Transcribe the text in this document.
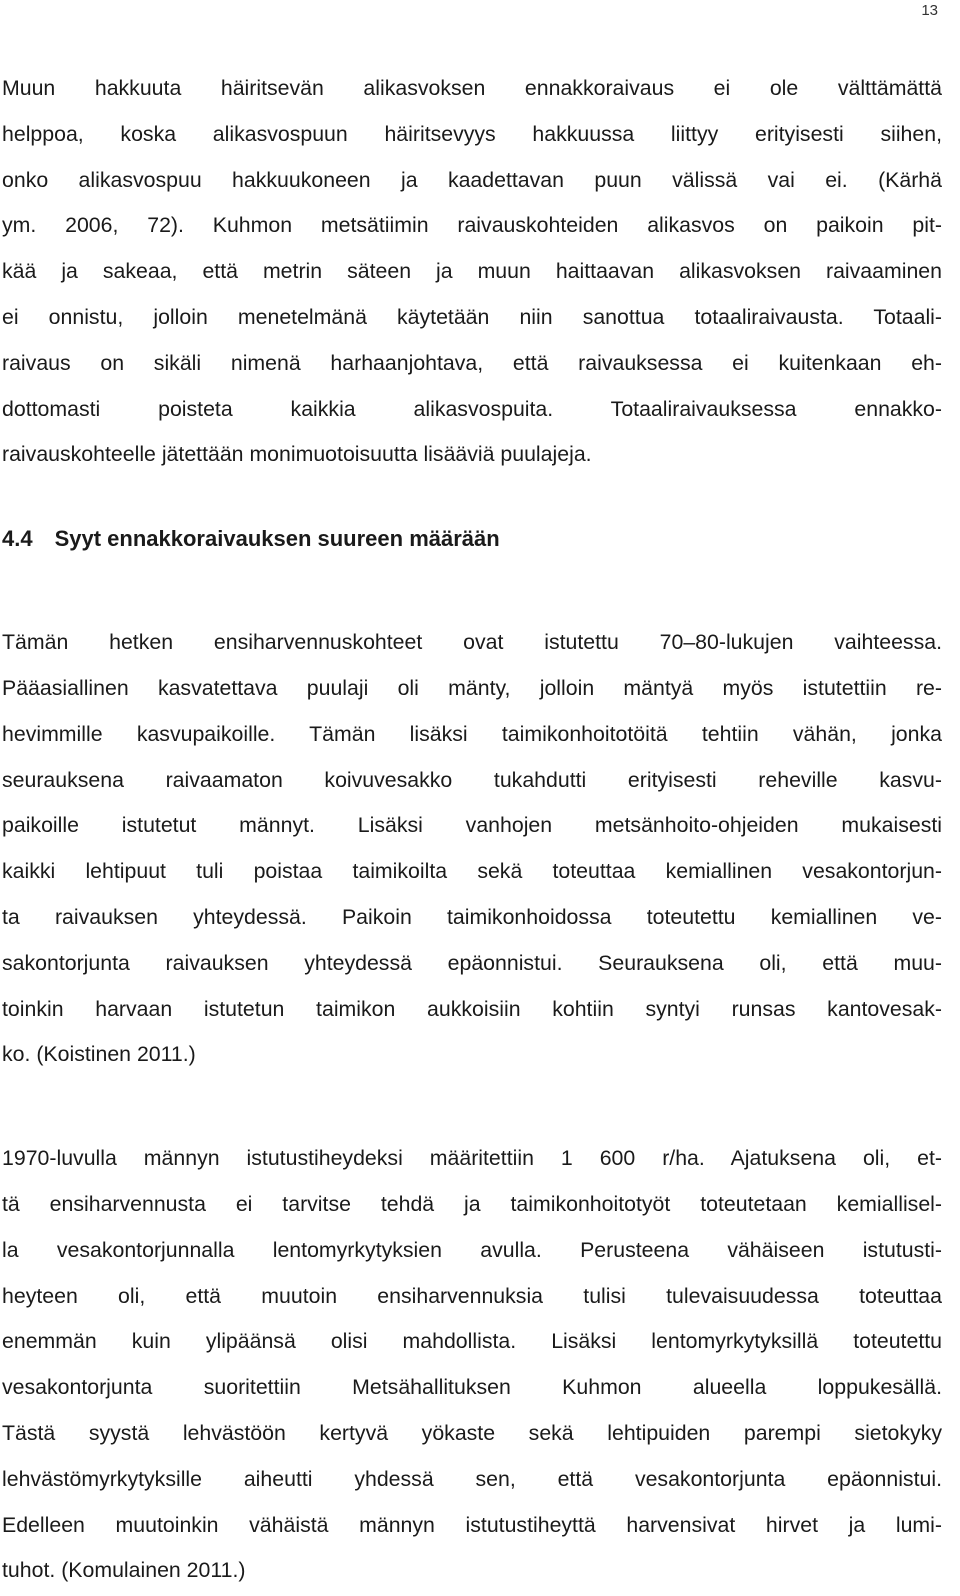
13

Muun hakkuuta häiritsevän alikasvoksen ennakkoraivaus ei ole välttämättä
helppoa, koska alikasvospuun häiritsevyys hakkuussa liittyy erityisesti siihen,
onko alikasvospuu hakkuukoneen ja kaadettavan puun välissä vai ei. (Kärhä
ym. 2006, 72). Kuhmon metsätiimin raivauskohteiden alikasvos on paikoin pit-
kää ja sakeaa, että metrin säteen ja muun haittaavan alikasvoksen raivaaminen
ei onnistu, jolloin menetelmänä käytetään niin sanottua totaaliraivausta. Totaali-
raivaus on sikäli nimenä harhaanjohtava, että raivauksessa ei kuitenkaan eh-
dottomasti poisteta kaikkia alikasvospuita. Totaaliraivauksessa ennakko-
raivauskohteelle jätettään monimuotoisuutta lisääviä puulajeja.

4.4 Syyt ennakkoraivauksen suureen määrään

Tämän hetken ensiharvennuskohteet ovat istutettu 70–80-lukujen vaihteessa.
Pääasiallinen kasvatettava puulaji oli mänty, jolloin mäntyä myös istutettiin re-
hevimmille kasvupaikoille. Tämän lisäksi taimikonhoitotöitä tehtiin vähän, jonka
seurauksena raivaamaton koivuvesakko tukahdutti erityisesti reheville kasvu-
paikoille istutetut männyt. Lisäksi vanhojen metsänhoito-ohjeiden mukaisesti
kaikki lehtipuut tuli poistaa taimikoilta sekä toteuttaa kemiallinen vesakontorjun-
ta raivauksen yhteydessä. Paikoin taimikonhoidossa toteutettu kemiallinen ve-
sakontorjunta raivauksen yhteydessä epäonnistui. Seurauksena oli, että muu-
toinkin harvaan istutetun taimikon aukkoisiin kohtiin syntyi runsas kantovesak-
ko. (Koistinen 2011.)

1970-luvulla männyn istutustiheydeksi määritettiin 1 600 r/ha. Ajatuksena oli, et-
tä ensiharvennusta ei tarvitse tehdä ja taimikonhoitotyöt toteutetaan kemiallisel-
la vesakontorjunnalla lentomyrkytyksien avulla. Perusteena vähäiseen istutusti-
heyteen oli, että muutoin ensiharvennuksia tulisi tulevaisuudessa toteuttaa
enemmän kuin ylipäänsä olisi mahdollista. Lisäksi lentomyrkytyksillä toteutettu
vesakontorjunta suoritettiin Metsähallituksen Kuhmon alueella loppukesällä.
Tästä syystä lehvästöön kertyvä yökaste sekä lehtipuiden parempi sietokyky
lehvästömyrkytyksille aiheutti yhdessä sen, että vesakontorjunta epäonnistui.
Edelleen muutoinkin vähäistä männyn istutustiheyttä harvensivat hirvet ja lumi-
tuhot. (Komulainen 2011.)
